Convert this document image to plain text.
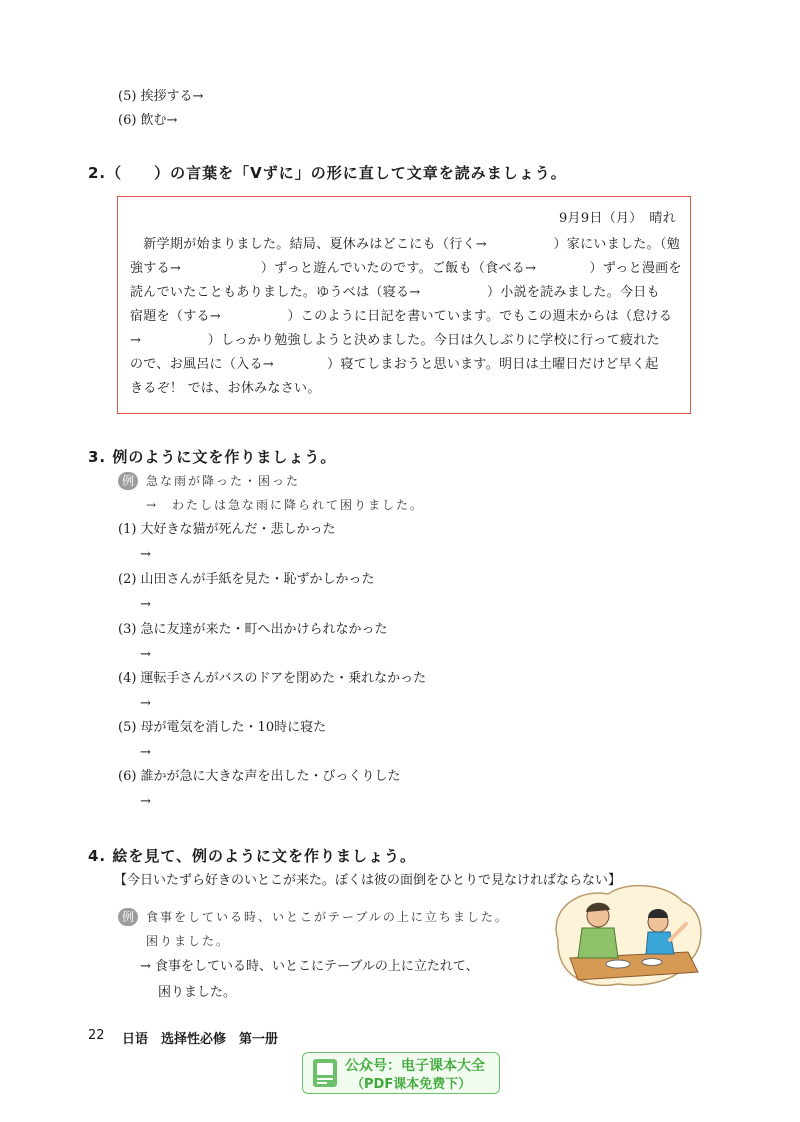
(5) 挨拶する→
(6) 飲む→
2.（　　）の言葉を「Vずに」の形に直して文章を読みましょう。
9月9日（月）　晴れ
　新学期が始まりました。結局、夏休みはどこにも（行く→　　　　　）家にいました。（勉
強する→　　　　　　）ずっと遊んでいたのです。ご飯も（食べる→　　　　）ずっと漫画を
読んでいたこともありました。ゆうべは（寝る→　　　　　）小説を読みました。今日も
宿題を（する→　　　　　）このように日記を書いています。でもこの週末からは（怠ける
→　　　　　）しっかり勉強しようと決めました。今日は久しぶりに学校に行って疲れた
ので、お風呂に（入る→　　　　）寝てしまおうと思います。明日は土曜日だけど早く起
きるぞ！ では、お休みなさい。
3. 例のように文を作りましょう。
例	急な雨が降った・困った
→　わたしは急な雨に降られて困りました。
(1) 大好きな猫が死んだ・悲しかった
→
(2) 山田さんが手紙を見た・恥ずかしかった
→
(3) 急に友達が来た・町へ出かけられなかった
→
(4) 運転手さんがバスのドアを閉めた・乗れなかった
→
(5) 母が電気を消した・10時に寝た
→
(6) 誰かが急に大きな声を出した・びっくりした
→
4. 絵を見て、例のように文を作りましょう。
【今日いたずら好きのいとこが来た。ぼくは彼の面倒をひとりで見なければならない】
例	食事をしている時、いとこがテーブルの上に立ちました。
困りました。
→ 食事をしている時、いとこにテーブルの上に立たれて、
困りました。
22 日语　选择性必修　第一册
公众号：电子课本大全
（PDF课本免费下）
